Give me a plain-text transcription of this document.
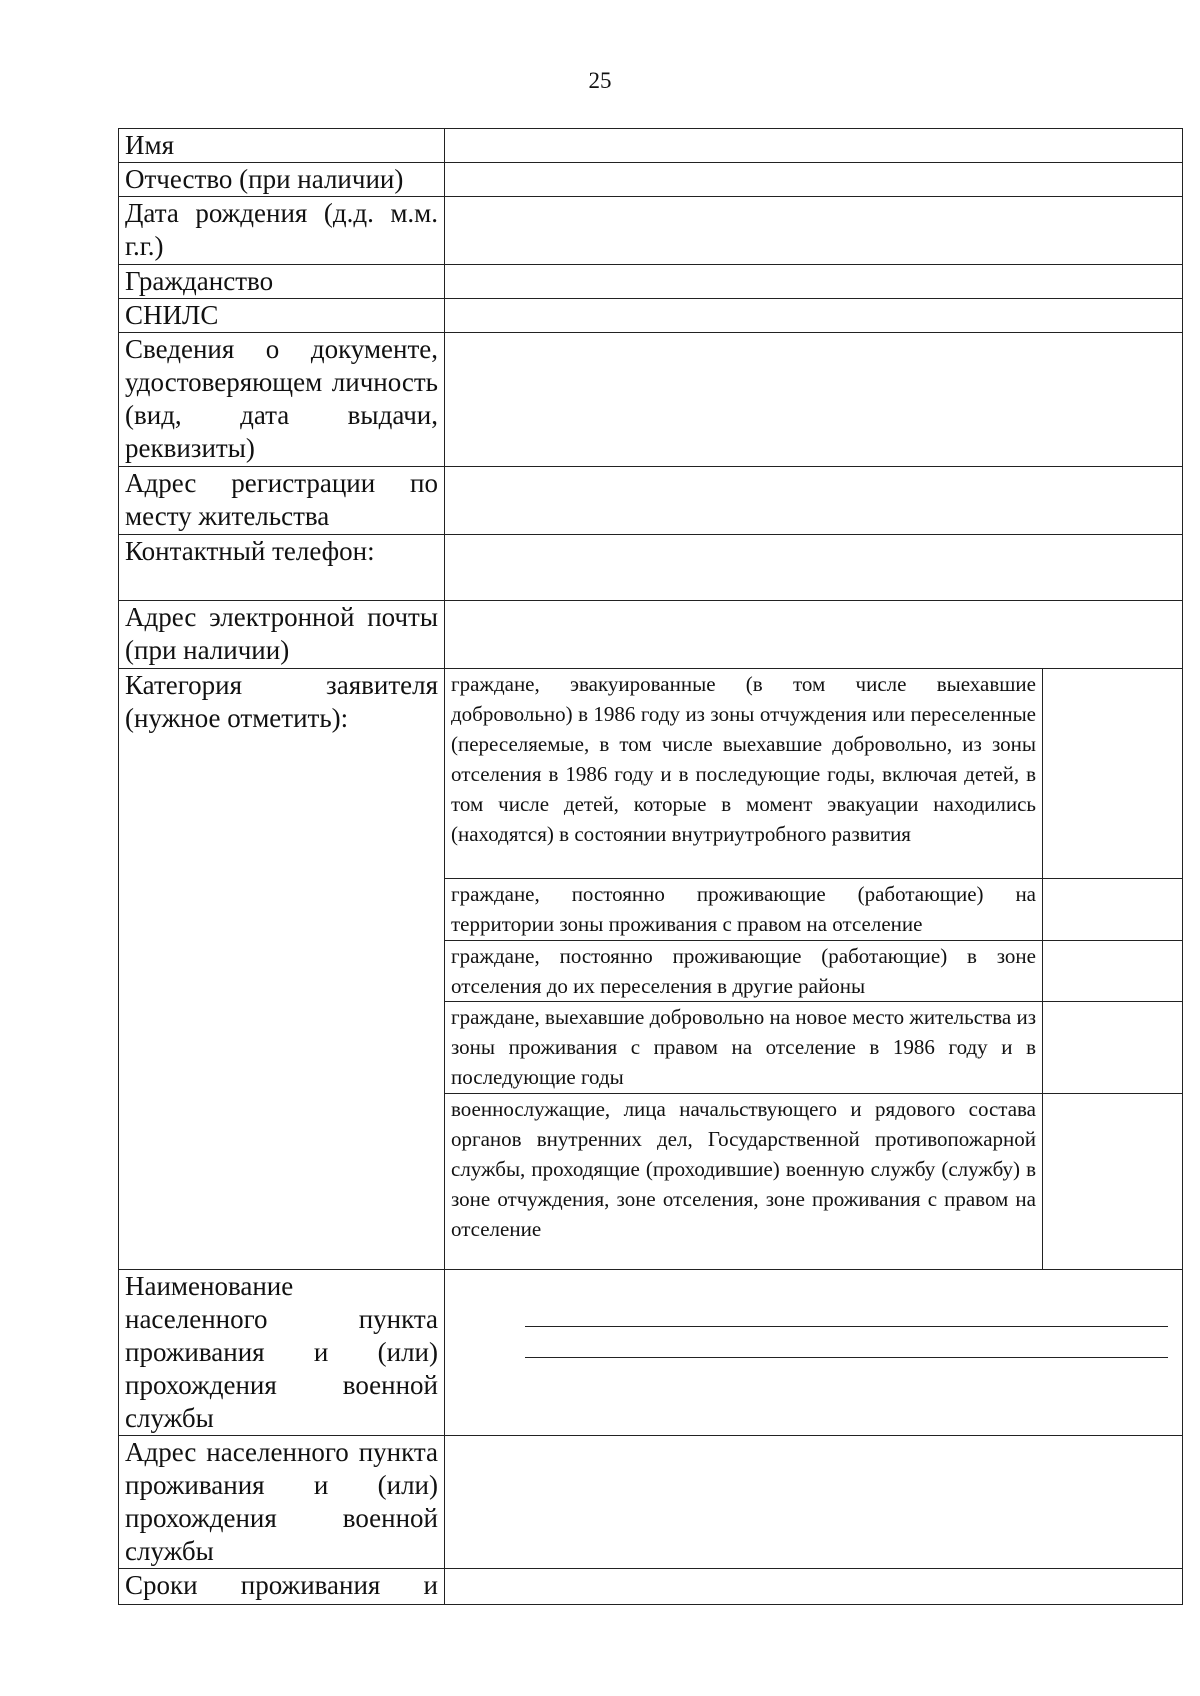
25
Имя		
Отчество (при наличии)		
Дата рождения (д.д. м.м. г.г.)		
Гражданство		
СНИЛС		
Сведения о документе, удостоверяющем личность (вид, дата выдачи, реквизиты)		
Адрес регистрации по месту жительства		
Контактный телефон:		
Адрес электронной почты (при наличии)		
Категория заявителя (нужное отметить):	граждане, эвакуированные (в том числе выехавшие добровольно) в 1986 году из зоны отчуждения или переселенные (переселяемые, в том числе выехавшие добровольно, из зоны отселения в 1986 году и в последующие годы, включая детей, в том числе детей, которые в момент эвакуации находились (находятся) в состоянии внутриутробного развития	
	граждане, постоянно проживающие (работающие) на территории зоны проживания с правом на отселение	
	граждане, постоянно проживающие (работающие) в зоне отселения до их переселения в другие районы	
	граждане, выехавшие добровольно на новое место жительства из зоны проживания с правом на отселение в 1986 году и в последующие годы	
	военнослужащие, лица начальствующего и рядового состава органов внутренних дел, Государственной противопожарной службы, проходящие (проходившие) военную службу (службу) в зоне отчуждения, зоне отселения, зоне проживания с правом на отселение	
Наименование населенного пункта проживания и (или) прохождения военной службы		

Адрес населенного пункта проживания и (или) прохождения военной службы		
Сроки проживания и		
